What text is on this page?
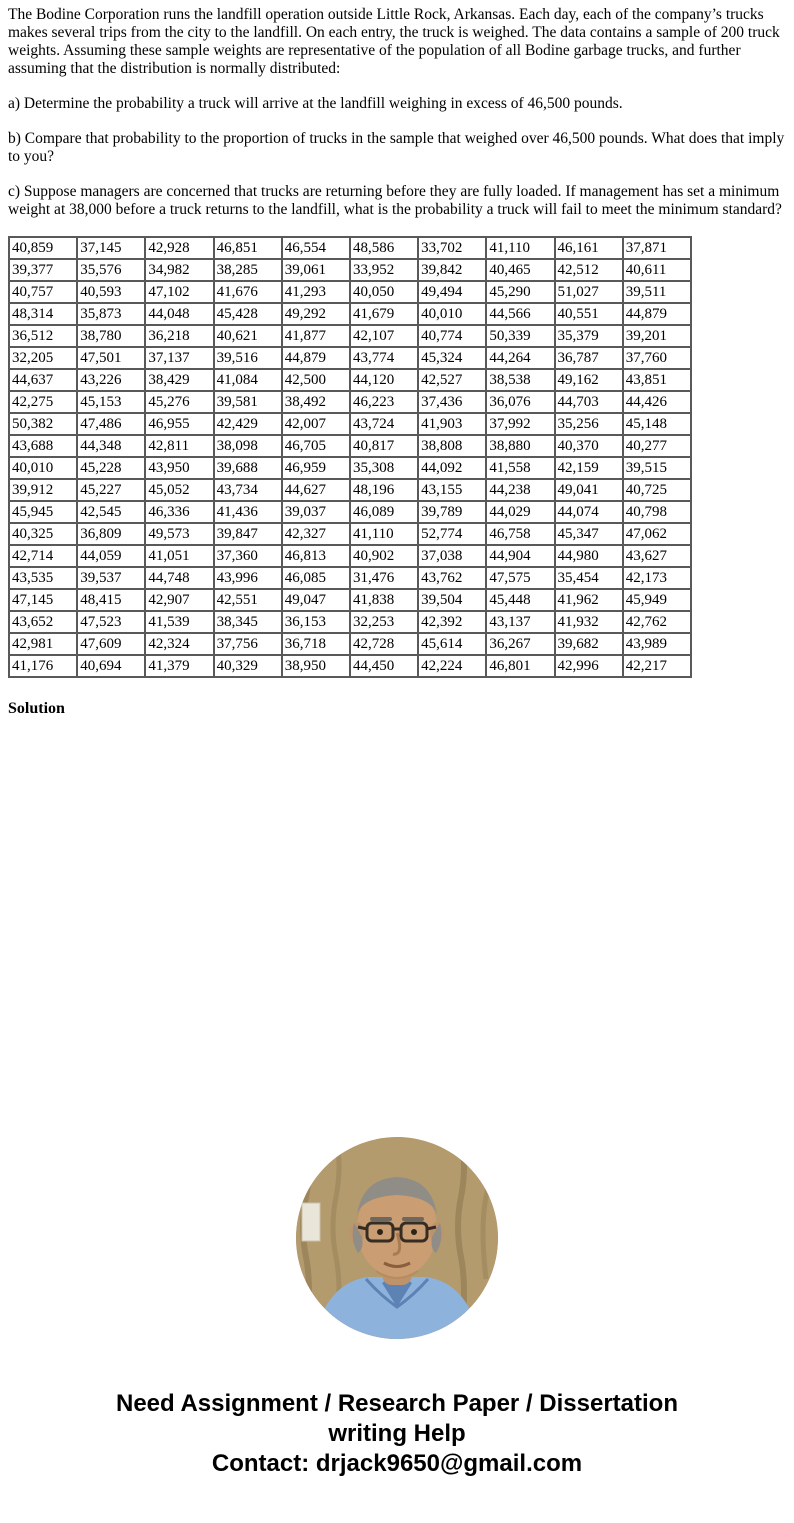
The Bodine Corporation runs the landfill operation outside Little Rock, Arkansas. Each day, each of the company’s trucks makes several trips from the city to the landfill. On each entry, the truck is weighed. The data contains a sample of 200 truck weights. Assuming these sample weights are representative of the population of all Bodine garbage trucks, and further assuming that the distribution is normally distributed:

a) Determine the probability a truck will arrive at the landfill weighing in excess of 46,500 pounds.

b) Compare that probability to the proportion of trucks in the sample that weighed over 46,500 pounds. What does that imply to you?

c) Suppose managers are concerned that trucks are returning before they are fully loaded. If management has set a minimum weight at 38,000 before a truck returns to the landfill, what is the probability a truck will fail to meet the minimum standard?

40,859	37,145	42,928	46,851	46,554	48,586	33,702	41,110	46,161	37,871
39,377	35,576	34,982	38,285	39,061	33,952	39,842	40,465	42,512	40,611
40,757	40,593	47,102	41,676	41,293	40,050	49,494	45,290	51,027	39,511
48,314	35,873	44,048	45,428	49,292	41,679	40,010	44,566	40,551	44,879
36,512	38,780	36,218	40,621	41,877	42,107	40,774	50,339	35,379	39,201
32,205	47,501	37,137	39,516	44,879	43,774	45,324	44,264	36,787	37,760
44,637	43,226	38,429	41,084	42,500	44,120	42,527	38,538	49,162	43,851
42,275	45,153	45,276	39,581	38,492	46,223	37,436	36,076	44,703	44,426
50,382	47,486	46,955	42,429	42,007	43,724	41,903	37,992	35,256	45,148
43,688	44,348	42,811	38,098	46,705	40,817	38,808	38,880	40,370	40,277
40,010	45,228	43,950	39,688	46,959	35,308	44,092	41,558	42,159	39,515
39,912	45,227	45,052	43,734	44,627	48,196	43,155	44,238	49,041	40,725
45,945	42,545	46,336	41,436	39,037	46,089	39,789	44,029	44,074	40,798
40,325	36,809	49,573	39,847	42,327	41,110	52,774	46,758	45,347	47,062
42,714	44,059	41,051	37,360	46,813	40,902	37,038	44,904	44,980	43,627
43,535	39,537	44,748	43,996	46,085	31,476	43,762	47,575	35,454	42,173
47,145	48,415	42,907	42,551	49,047	41,838	39,504	45,448	41,962	45,949
43,652	47,523	41,539	38,345	36,153	32,253	42,392	43,137	41,932	42,762
42,981	47,609	42,324	37,756	36,718	42,728	45,614	36,267	39,682	43,989
41,176	40,694	41,379	40,329	38,950	44,450	42,224	46,801	42,996	42,217

Solution

Need Assignment / Research Paper / Dissertation
writing Help
Contact: drjack9650@gmail.com
